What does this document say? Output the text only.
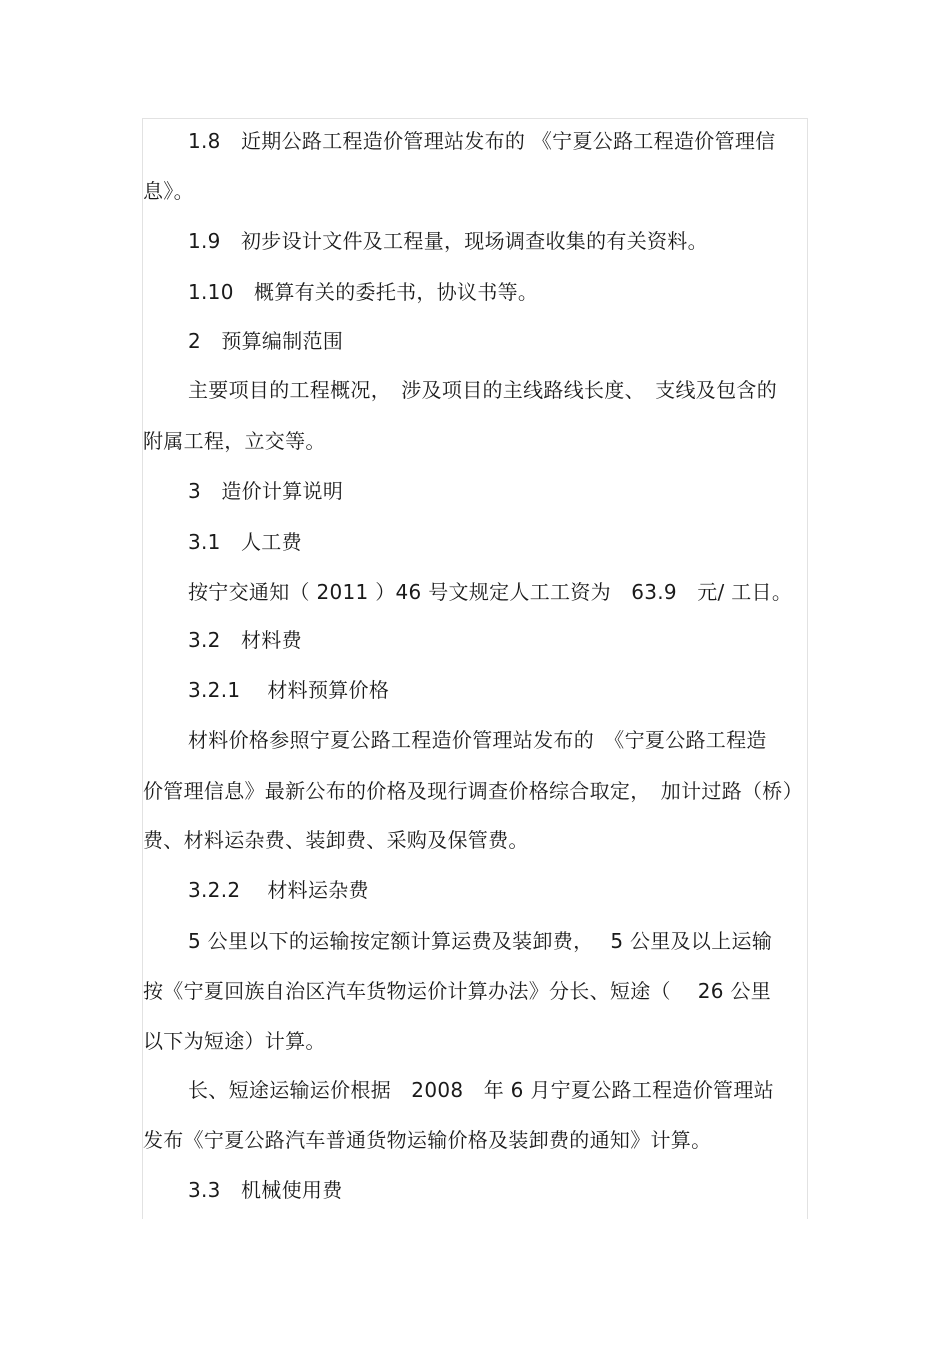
1.8　近期公路工程造价管理站发布的 《宁夏公路工程造价管理信
息》。
1.9　初步设计文件及工程量，现场调查收集的有关资料。
1.10　概算有关的委托书，协议书等。
2　预算编制范围
主要项目的工程概况，　涉及项目的主线路线长度、　支线及包含的
附属工程，立交等。
3　造价计算说明
3.1　人工费
按宁交通知（ 2011 ）46 号文规定人工工资为　63.9　元/ 工日。
3.2　材料费
3.2.1　 材料预算价格
材料价格参照宁夏公路工程造价管理站发布的　《宁夏公路工程造
价管理信息》最新公布的价格及现行调查价格综合取定，　加计过路（桥）
费、材料运杂费、装卸费、采购及保管费。
3.2.2　 材料运杂费
5 公里以下的运输按定额计算运费及装卸费，　 5 公里及以上运输
按《宁夏回族自治区汽车货物运价计算办法》分长、短途（　 26 公里
以下为短途）计算。
长、短途运输运价根据　2008　年 6 月宁夏公路工程造价管理站
发布《宁夏公路汽车普通货物运输价格及装卸费的通知》计算。
3.3　机械使用费
